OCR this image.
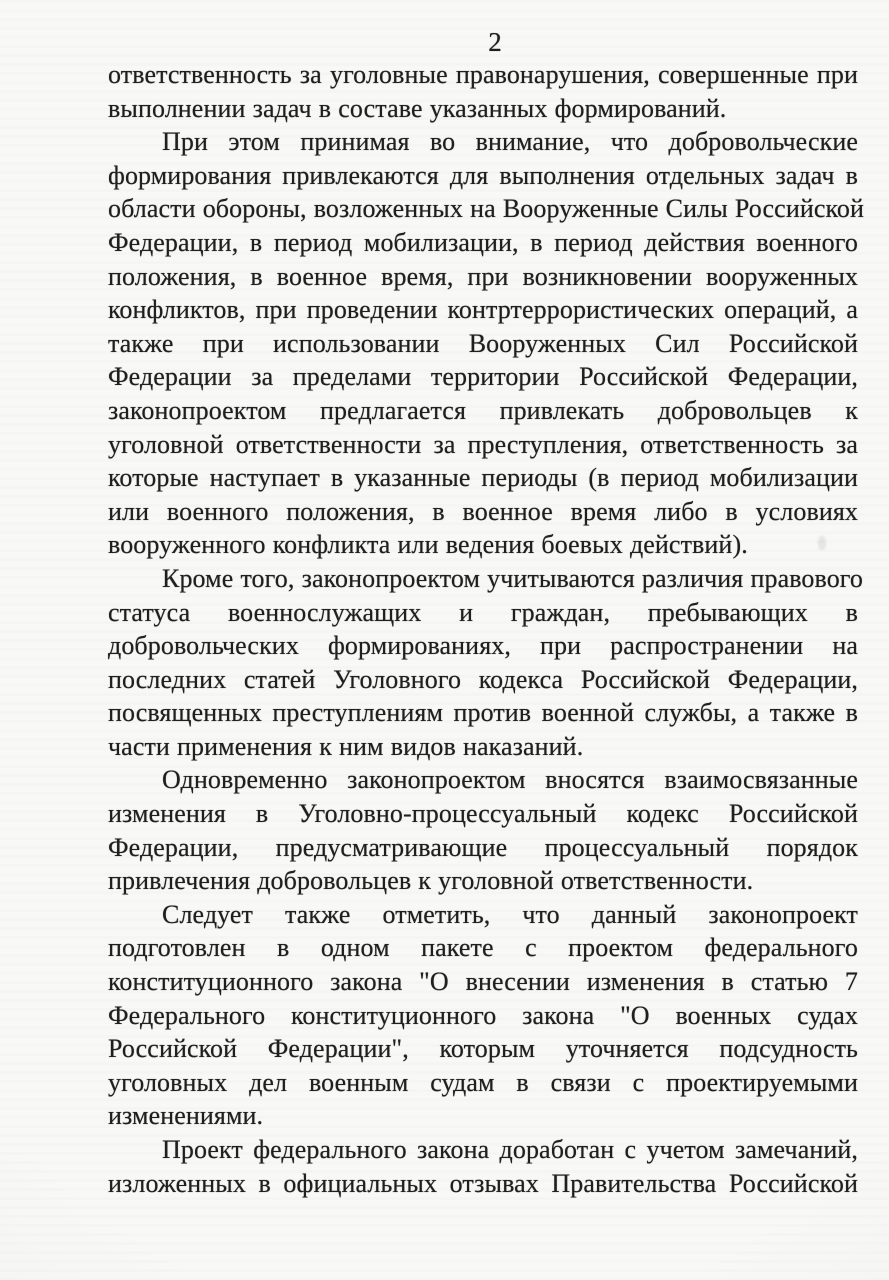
2
ответственность за уголовные правонарушения, совершенные при
выполнении задач в составе указанных формирований.
При этом принимая во внимание, что добровольческие
формирования привлекаются для выполнения отдельных задач в
области обороны, возложенных на Вооруженные Силы Российской
Федерации, в период мобилизации, в период действия военного
положения, в военное время, при возникновении вооруженных
конфликтов, при проведении контртеррористических операций, а
также при использовании Вооруженных Сил Российской
Федерации за пределами территории Российской Федерации,
законопроектом предлагается привлекать добровольцев к
уголовной ответственности за преступления, ответственность за
которые наступает в указанные периоды (в период мобилизации
или военного положения, в военное время либо в условиях
вооруженного конфликта или ведения боевых действий).
Кроме того, законопроектом учитываются различия правового
статуса военнослужащих и граждан, пребывающих в
добровольческих формированиях, при распространении на
последних статей Уголовного кодекса Российской Федерации,
посвященных преступлениям против военной службы, а также в
части применения к ним видов наказаний.
Одновременно законопроектом вносятся взаимосвязанные
изменения в Уголовно-процессуальный кодекс Российской
Федерации, предусматривающие процессуальный порядок
привлечения добровольцев к уголовной ответственности.
Следует также отметить, что данный законопроект
подготовлен в одном пакете с проектом федерального
конституционного закона "О внесении изменения в статью 7
Федерального конституционного закона "О военных судах
Российской Федерации", которым уточняется подсудность
уголовных дел военным судам в связи с проектируемыми
изменениями.
Проект федерального закона доработан с учетом замечаний,
изложенных в официальных отзывах Правительства Российской
